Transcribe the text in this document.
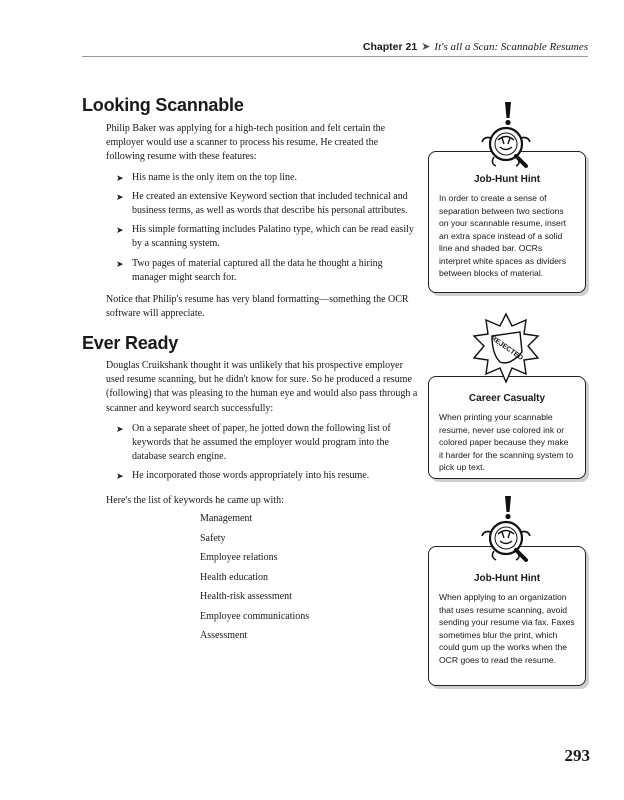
Chapter 21 ➤ It's all a Scan: Scannable Resumes
Looking Scannable

Philip Baker was applying for a high-tech position and felt certain the employer would use a scanner to process his resume. He created the following resume with these features:

➤ His name is the only item on the top line.
➤ He created an extensive Keyword section that included technical and business terms, as well as words that describe his personal attributes.
➤ His simple formatting includes Palatino type, which can be read easily by a scanning system.
➤ Two pages of material captured all the data he thought a hiring manager might search for.

Notice that Philip's resume has very bland formatting—something the OCR software will appreciate.

Ever Ready

Douglas Cruikshank thought it was unlikely that his prospective employer used resume scanning, but he didn't know for sure. So he produced a resume (following) that was pleasing to the human eye and would also pass through a scanner and keyword search successfully:

➤ On a separate sheet of paper, he jotted down the following list of keywords that he assumed the employer would program into the database search engine.
➤ He incorporated those words appropriately into his resume.

Here's the list of keywords he came up with:

Management
Safety
Employee relations
Health education
Health-risk assessment
Employee communications
Assessment
Job-Hunt Hint

In order to create a sense of separation between two sections on your scannable resume, insert an extra space instead of a solid line and shaded bar. OCRs interpret white spaces as dividers between blocks of material.

Career Casualty

When printing your scannable resume, never use colored ink or colored paper because they make it harder for the scanning system to pick up text.

REJECTED
Job-Hunt Hint

When applying to an organization that uses resume scanning, avoid sending your resume via fax. Faxes sometimes blur the print, which could gum up the works when the OCR goes to read the resume.

293
